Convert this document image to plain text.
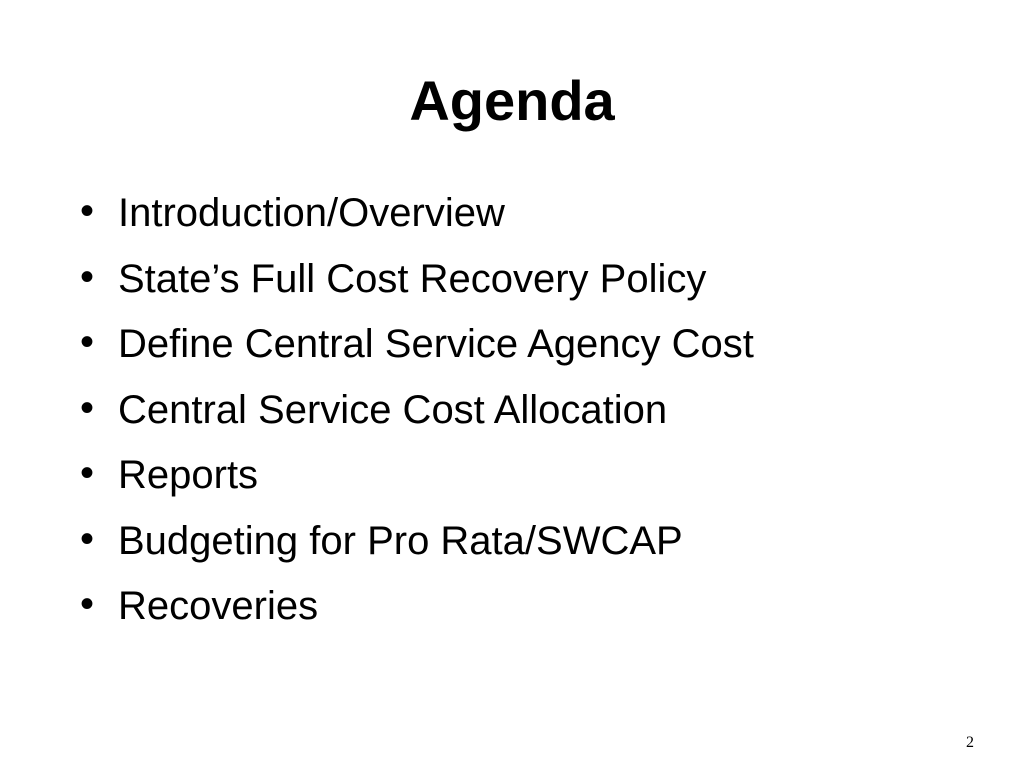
Agenda
• Introduction/Overview
• State’s Full Cost Recovery Policy
• Define Central Service Agency Cost
• Central Service Cost Allocation
• Reports
• Budgeting for Pro Rata/SWCAP
• Recoveries
2
